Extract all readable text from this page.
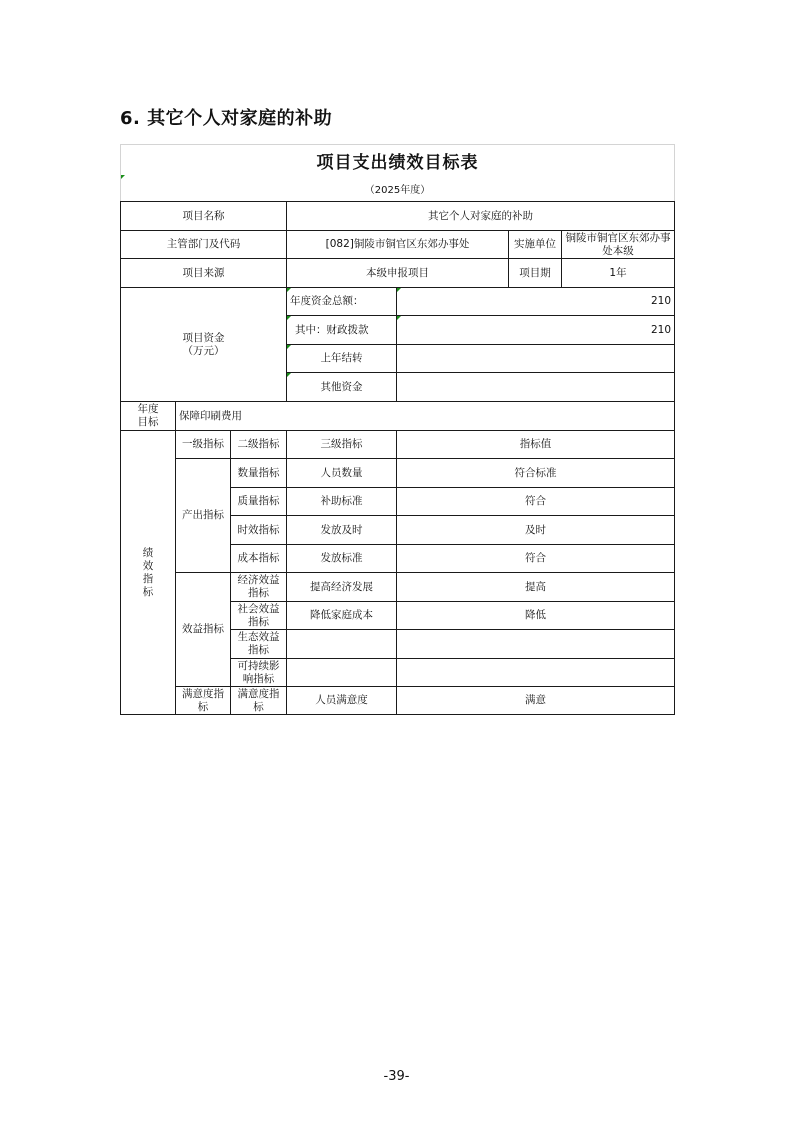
6. 其它个人对家庭的补助
项目支出绩效目标表
（2025年度）
项目名称			其它个人对家庭的补助			
主管部门及代码			[082]铜陵市铜官区东郊办事处		实施单位	铜陵市铜官区东郊办事处本级
项目来源			本级申报项目		项目期	1年

项目资金
（万元）			年度资金总额：	210		

其中：财政拨款	210		

上年结转			

其他资金			

年度
目标	保障印刷费用					

绩
效
指
标	一级指标	二级指标	三级指标	指标值		
	产出指标	数量指标	人员数量	符合标准		
		质量指标	补助标准	符合		
		时效指标	发放及时	及时		
		成本指标	发放标准	符合		
	效益指标	经济效益指标	提高经济发展	提高		
		社会效益指标	降低家庭成本	降低		
		生态效益指标				
		可持续影响指标				
	满意度指标	满意度指标	人员满意度	满意		
-39-
